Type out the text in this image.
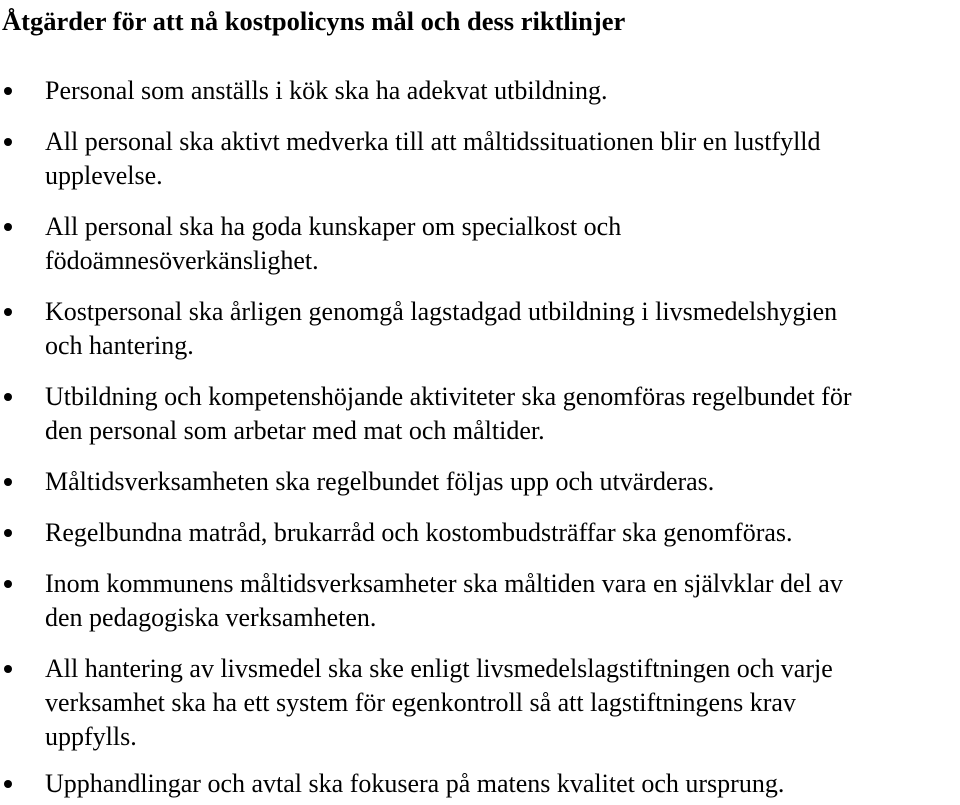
Åtgärder för att nå kostpolicyns mål och dess riktlinjer
Personal som anställs i kök ska ha adekvat utbildning.
All personal ska aktivt medverka till att måltidssituationen blir en lustfylld
upplevelse.
All personal ska ha goda kunskaper om specialkost och
födoämnesöverkänslighet.
Kostpersonal ska årligen genomgå lagstadgad utbildning i livsmedelshygien
och hantering.
Utbildning och kompetenshöjande aktiviteter ska genomföras regelbundet för
den personal som arbetar med mat och måltider.
Måltidsverksamheten ska regelbundet följas upp och utvärderas.
Regelbundna matråd, brukarråd och kostombudsträffar ska genomföras.
Inom kommunens måltidsverksamheter ska måltiden vara en självklar del av
den pedagogiska verksamheten.
All hantering av livsmedel ska ske enligt livsmedelslagstiftningen och varje
verksamhet ska ha ett system för egenkontroll så att lagstiftningens krav
uppfylls.
Upphandlingar och avtal ska fokusera på matens kvalitet och ursprung.
